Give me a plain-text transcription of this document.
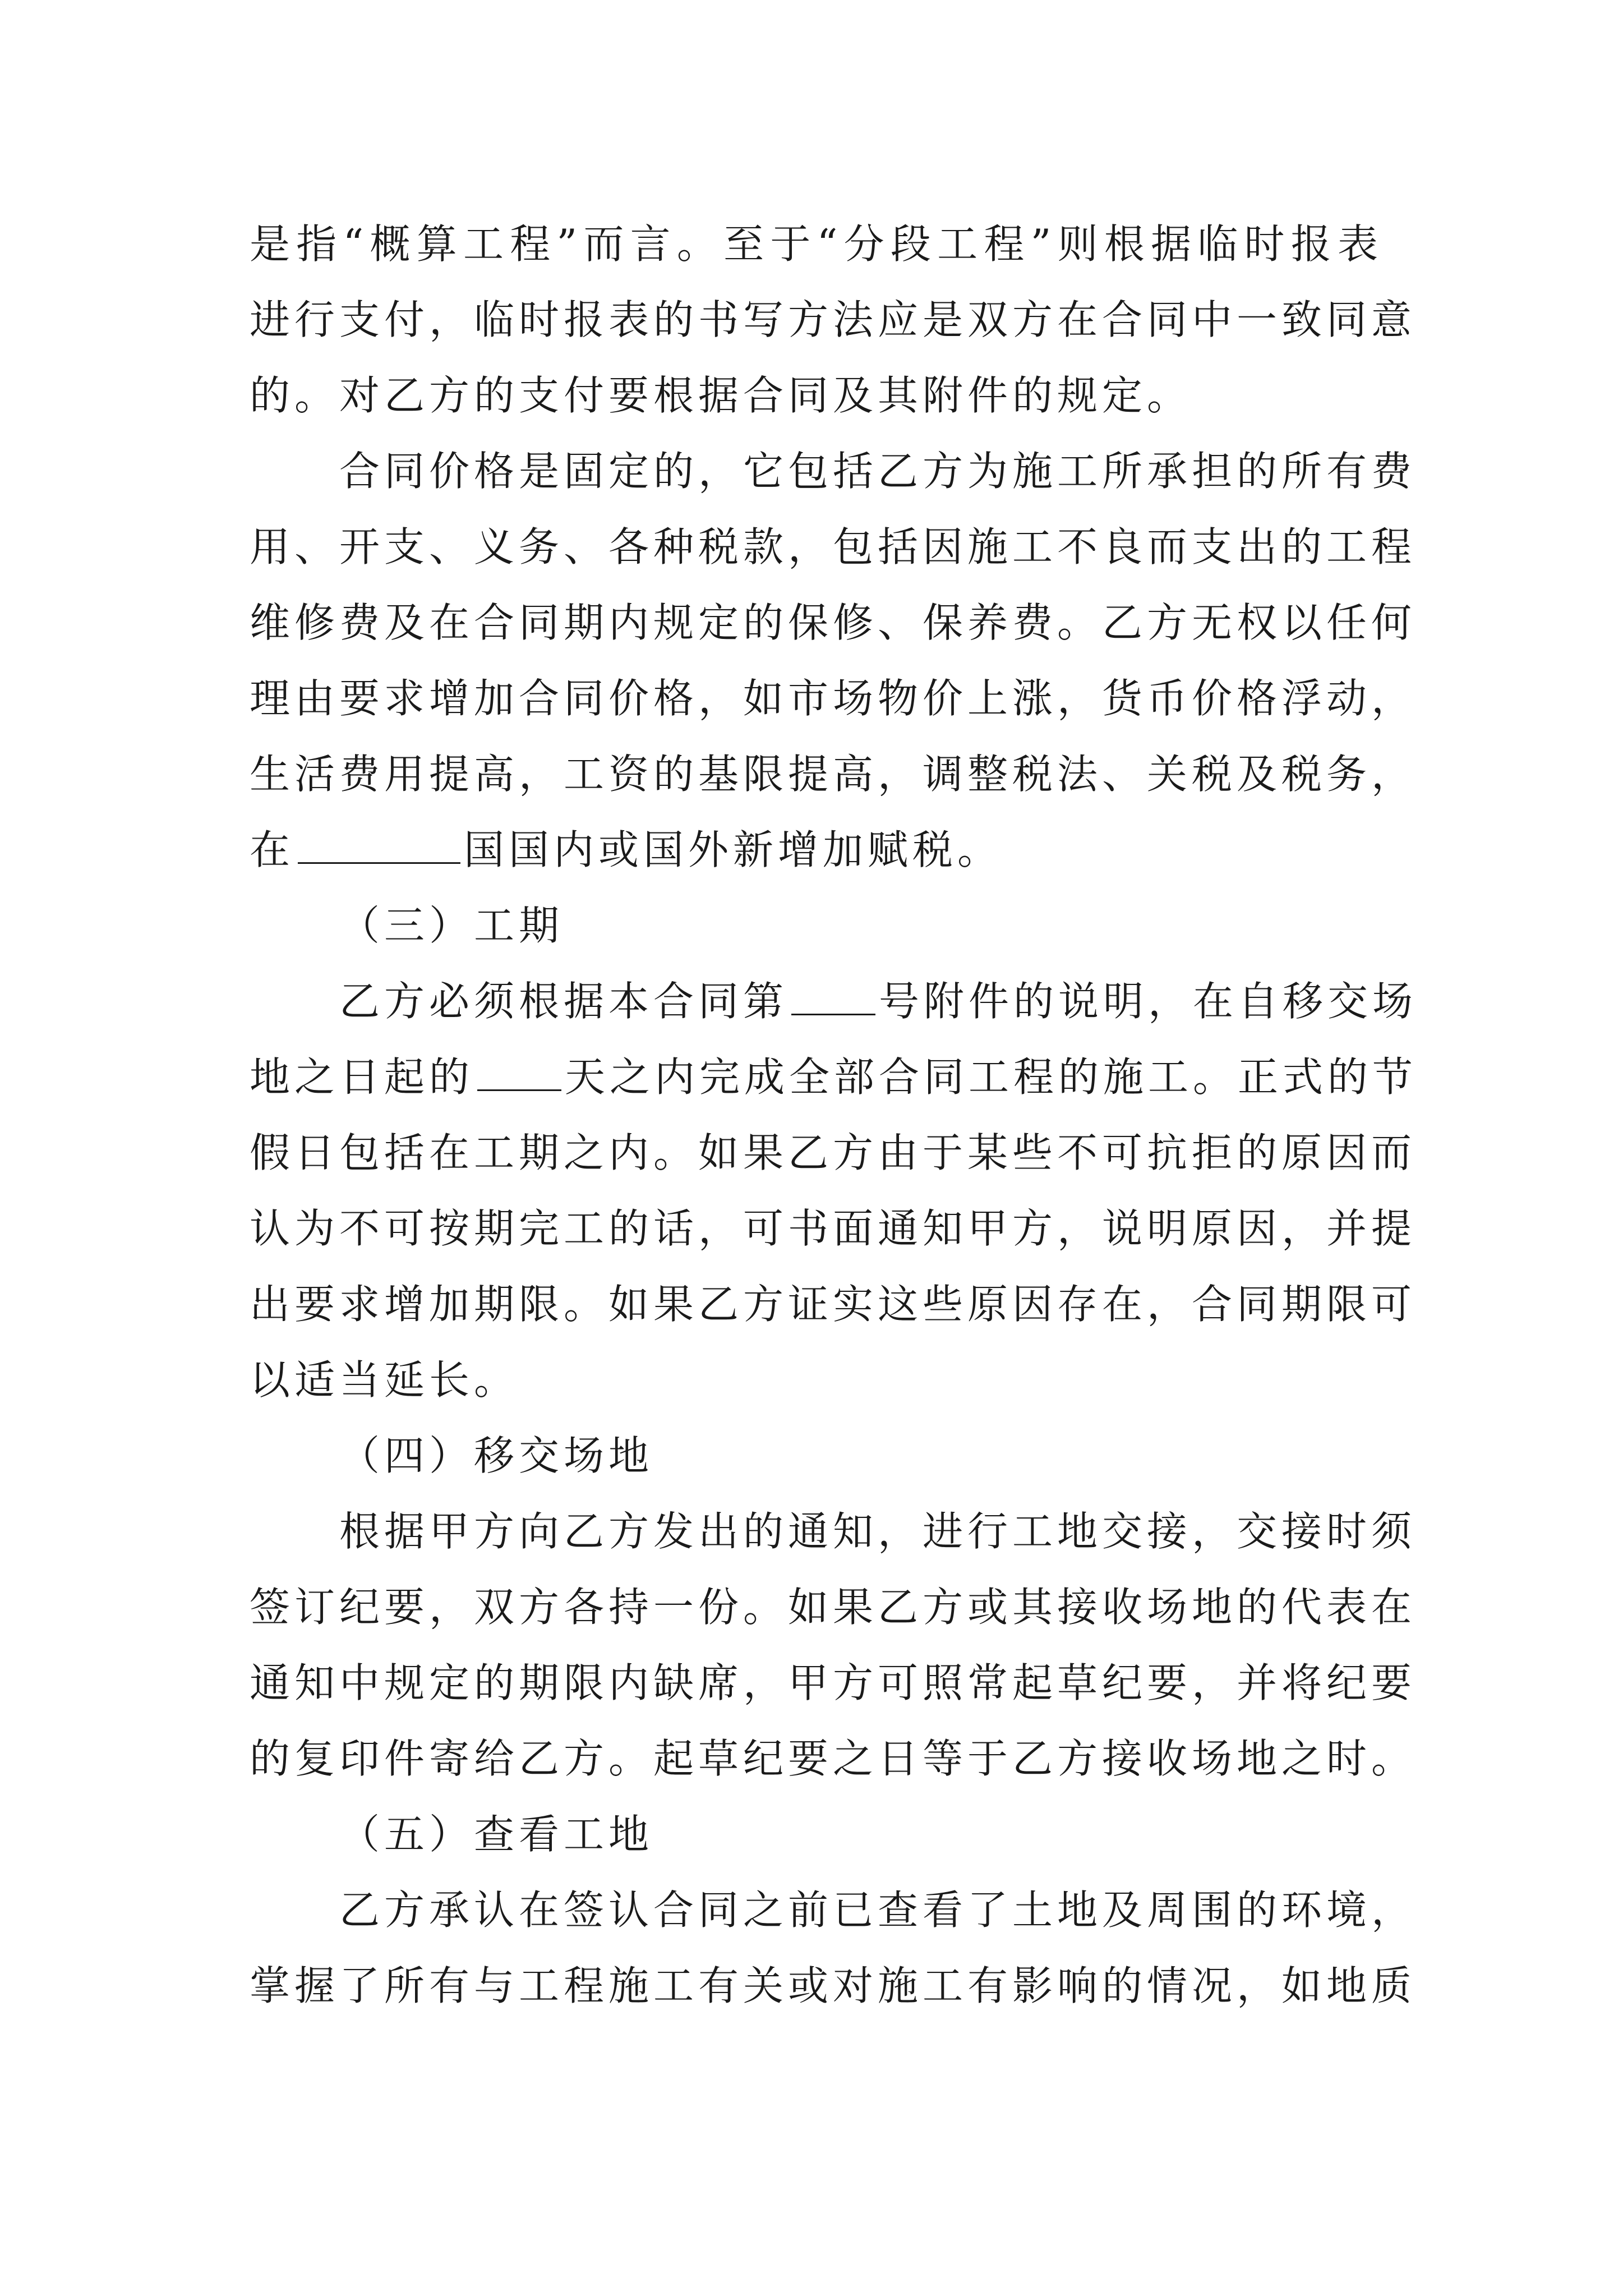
是指“概算工程”而言。至于“分段工程”则根据临时报表
进行支付，临时报表的书写方法应是双方在合同中一致同意
的。对乙方的支付要根据合同及其附件的规定。
合同价格是固定的，它包括乙方为施工所承担的所有费
用、开支、义务、各种税款，包括因施工不良而支出的工程
维修费及在合同期内规定的保修、保养费。乙方无权以任何
理由要求增加合同价格，如市场物价上涨，货币价格浮动，
生活费用提高，工资的基限提高，调整税法、关税及税务，
在	国国内或国外新增加赋税。
（三）工期
乙方必须根据本合同第 号附件的说明，在自移交场
地之日起的 天之内完成全部合同工程的施工。正式的节
假日包括在工期之内。如果乙方由于某些不可抗拒的原因而
认为不可按期完工的话，可书面通知甲方，说明原因，并提
出要求增加期限。如果乙方证实这些原因存在，合同期限可
以适当延长。
（四）移交场地
根据甲方向乙方发出的通知，进行工地交接，交接时须
签订纪要，双方各持一份。如果乙方或其接收场地的代表在
通知中规定的期限内缺席，甲方可照常起草纪要，并将纪要
的复印件寄给乙方。起草纪要之日等于乙方接收场地之时。
（五）查看工地
乙方承认在签认合同之前已查看了土地及周围的环境，
掌握了所有与工程施工有关或对施工有影响的情况，如地质
